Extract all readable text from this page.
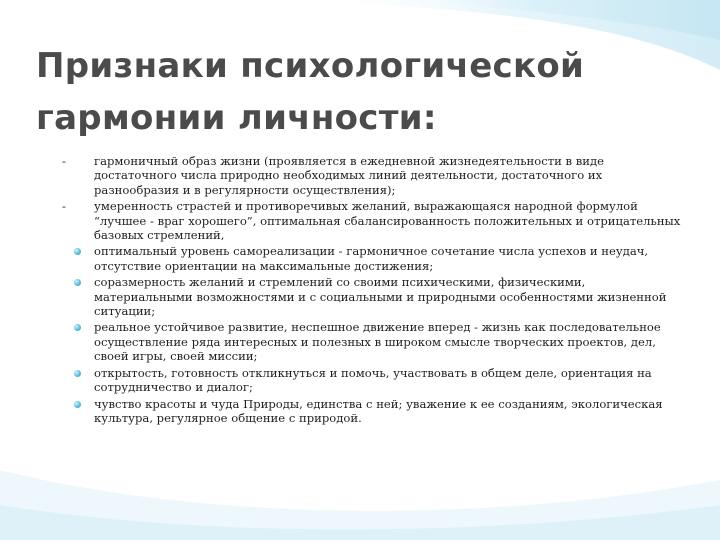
Признаки психологической
гармонии личности:
- гармоничный образ жизни (проявляется в ежедневной жизнедеятельности в виде достаточного числа природно необходимых линий деятельности, достаточного их разнообразия и в регулярности осуществления);
- умеренность страстей и противоречивых желаний, выражающаяся народной формулой “лучшее - враг хорошего”, оптимальная сбалансированность положительных и отрицательных базовых стремлений,
оптимальный уровень самореализации - гармоничное сочетание числа успехов и неудач, отсутствие ориентации на максимальные достижения;
соразмерность желаний и стремлений со своими психическими, физическими, материальными возможностями и с социальными и природными особенностями жизненной ситуации;
реальное устойчивое развитие, неспешное движение вперед - жизнь как последовательное осуществление ряда интересных и полезных в широком смысле творческих проектов, дел, своей игры, своей миссии;
открытость, готовность откликнуться и помочь, участвовать в общем деле, ориентация на сотрудничество и диалог;
чувство красоты и чуда Природы, единства с ней; уважение к ее созданиям, экологическая культура, регулярное общение с природой.
